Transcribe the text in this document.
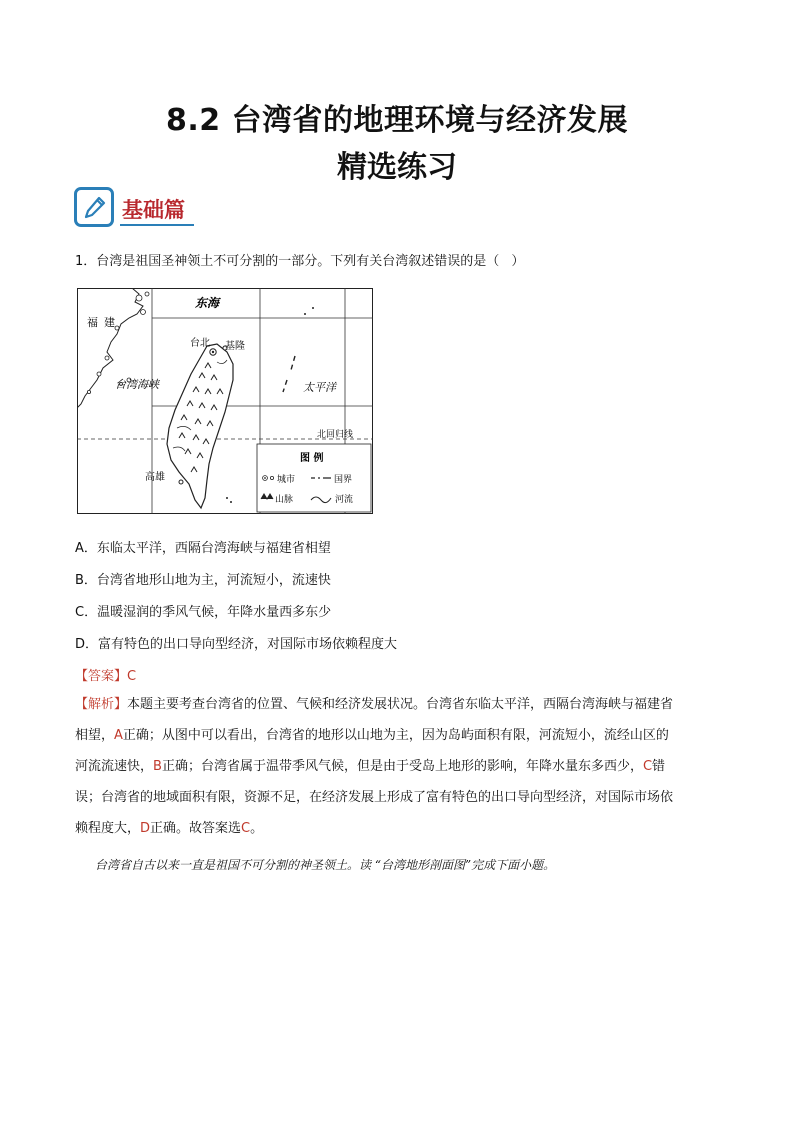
8.2 台湾省的地理环境与经济发展
精选练习
基础篇
1．台湾是祖国圣神领土不可分割的一部分。下列有关台湾叙述错误的是（ ）
东海
福建
台北 基隆
台湾海峡	太平洋
北回归线
高雄
图 例
城市	国界
山脉	河流
A．东临太平洋，西隔台湾海峡与福建省相望
B．台湾省地形山地为主，河流短小，流速快
C．温暖湿润的季风气候，年降水量西多东少
D．富有特色的出口导向型经济，对国际市场依赖程度大
【答案】C
【解析】本题主要考查台湾省的位置、气候和经济发展状况。台湾省东临太平洋，西隔台湾海峡与福建省
相望，A正确；从图中可以看出，台湾省的地形以山地为主，因为岛屿面积有限，河流短小，流经山区的
河流流速快，B正确；台湾省属于温带季风气候，但是由于受岛上地形的影响，年降水量东多西少，C错
误；台湾省的地域面积有限，资源不足，在经济发展上形成了富有特色的出口导向型经济，对国际市场依
赖程度大，D正确。故答案选C。
台湾省自古以来一直是祖国不可分割的神圣领土。读 “台湾地形剖面图”完成下面小题。
